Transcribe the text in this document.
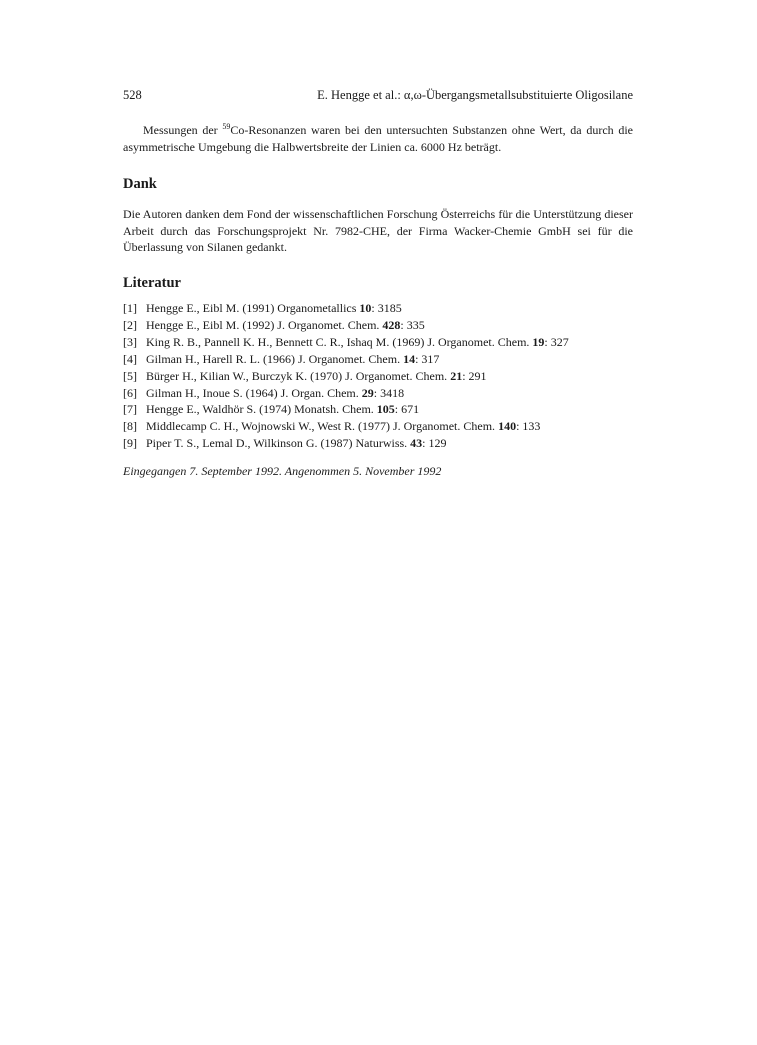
528	E. Hengge et al.: α,ω-Übergangsmetallsubstituierte Oligosilane

Messungen der $^{59}$Co-Resonanzen waren bei den untersuchten Substanzen ohne Wert, da durch die asymmetrische Umgebung die Halbwertsbreite der Linien ca. 6000 Hz beträgt.

Dank

Die Autoren danken dem Fond der wissenschaftlichen Forschung Österreichs für die Unterstützung dieser Arbeit durch das Forschungsprojekt Nr. 7982-CHE, der Firma Wacker-Chemie GmbH sei für die Überlassung von Silanen gedankt.

Literatur
[1] Hengge E., Eibl M. (1991) Organometallics 10: 3185
[2] Hengge E., Eibl M. (1992) J. Organomet. Chem. 428: 335
[3] King R. B., Pannell K. H., Bennett C. R., Ishaq M. (1969) J. Organomet. Chem. 19: 327
[4] Gilman H., Harell R. L. (1966) J. Organomet. Chem. 14: 317
[5] Bürger H., Kilian W., Burczyk K. (1970) J. Organomet. Chem. 21: 291
[6] Gilman H., Inoue S. (1964) J. Organ. Chem. 29: 3418
[7] Hengge E., Waldhör S. (1974) Monatsh. Chem. 105: 671
[8] Middlecamp C. H., Wojnowski W., West R. (1977) J. Organomet. Chem. 140: 133
[9] Piper T. S., Lemal D., Wilkinson G. (1987) Naturwiss. 43: 129
Eingegangen 7. September 1992. Angenommen 5. November 1992
